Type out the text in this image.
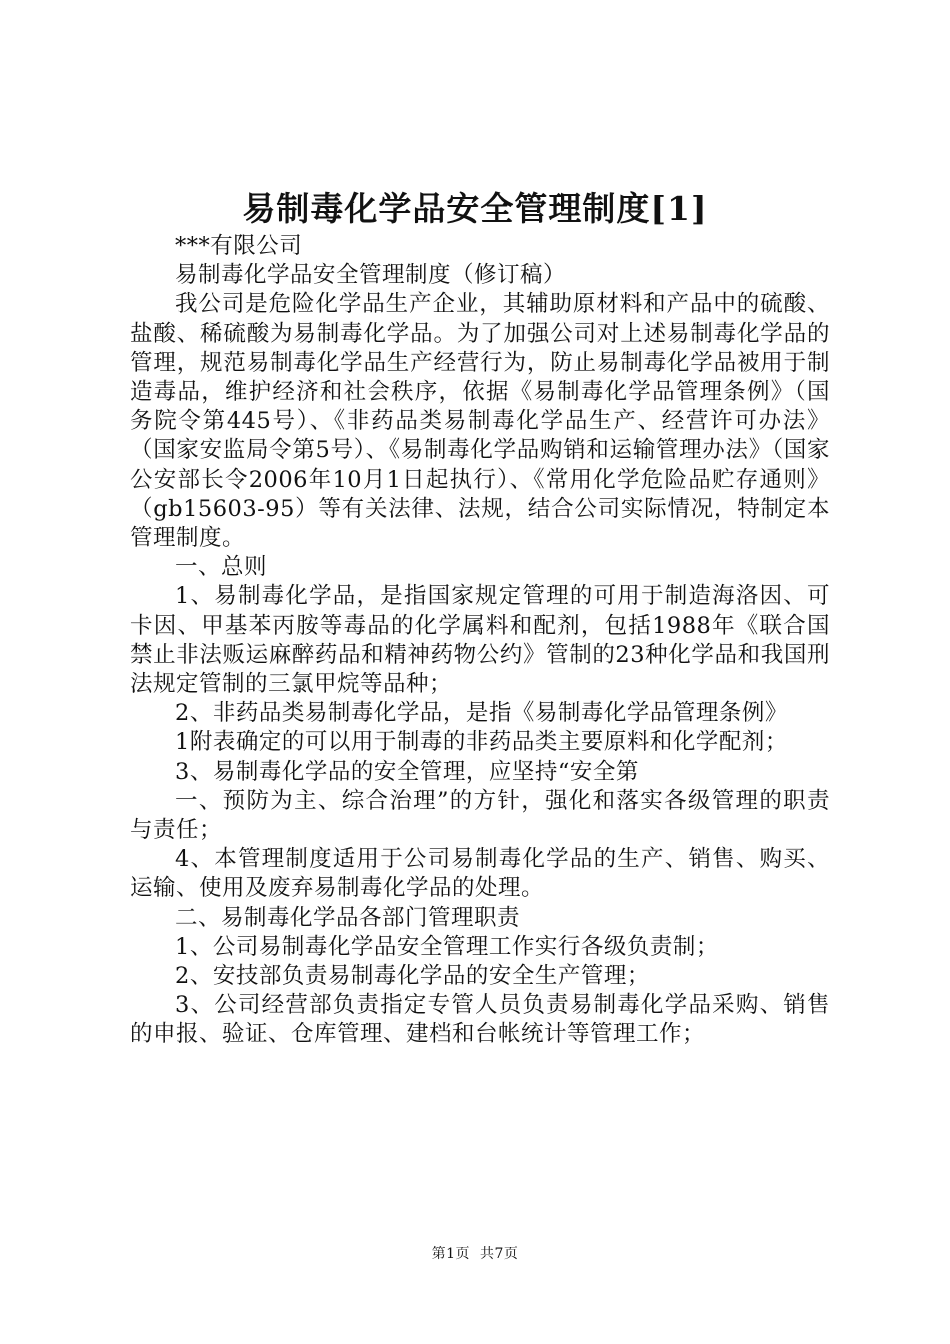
易制毒化学品安全管理制度[1]

***有限公司

易制毒化学品安全管理制度（修订稿）

我公司是危险化学品生产企业，其辅助原材料和产品中的硫酸、盐酸、稀硫酸为易制毒化学品。为了加强公司对上述易制毒化学品的管理，规范易制毒化学品生产经营行为，防止易制毒化学品被用于制造毒品，维护经济和社会秩序，依据《易制毒化学品管理条例》（国务院令第445号）、《非药品类易制毒化学品生产、经营许可办法》（国家安监局令第5号）、《易制毒化学品购销和运输管理办法》（国家公安部长令2006年10月1日起执行）、《常用化学危险品贮存通则》（gb15603-95）等有关法律、法规，结合公司实际情况，特制定本管理制度。

一、总则

1、易制毒化学品，是指国家规定管理的可用于制造海洛因、可卡因、甲基苯丙胺等毒品的化学属料和配剂，包括1988年《联合国禁止非法贩运麻醉药品和精神药物公约》管制的23种化学品和我国刑法规定管制的三氯甲烷等品种；

2、非药品类易制毒化学品，是指《易制毒化学品管理条例》

1附表确定的可以用于制毒的非药品类主要原料和化学配剂；

3、易制毒化学品的安全管理，应坚持“安全第

一、预防为主、综合治理”的方针，强化和落实各级管理的职责与责任；

4、本管理制度适用于公司易制毒化学品的生产、销售、购买、运输、使用及废弃易制毒化学品的处理。

二、易制毒化学品各部门管理职责

1、公司易制毒化学品安全管理工作实行各级负责制；

2、安技部负责易制毒化学品的安全生产管理；

3、公司经营部负责指定专管人员负责易制毒化学品采购、销售的申报、验证、仓库管理、建档和台帐统计等管理工作；

第1页 共7页
